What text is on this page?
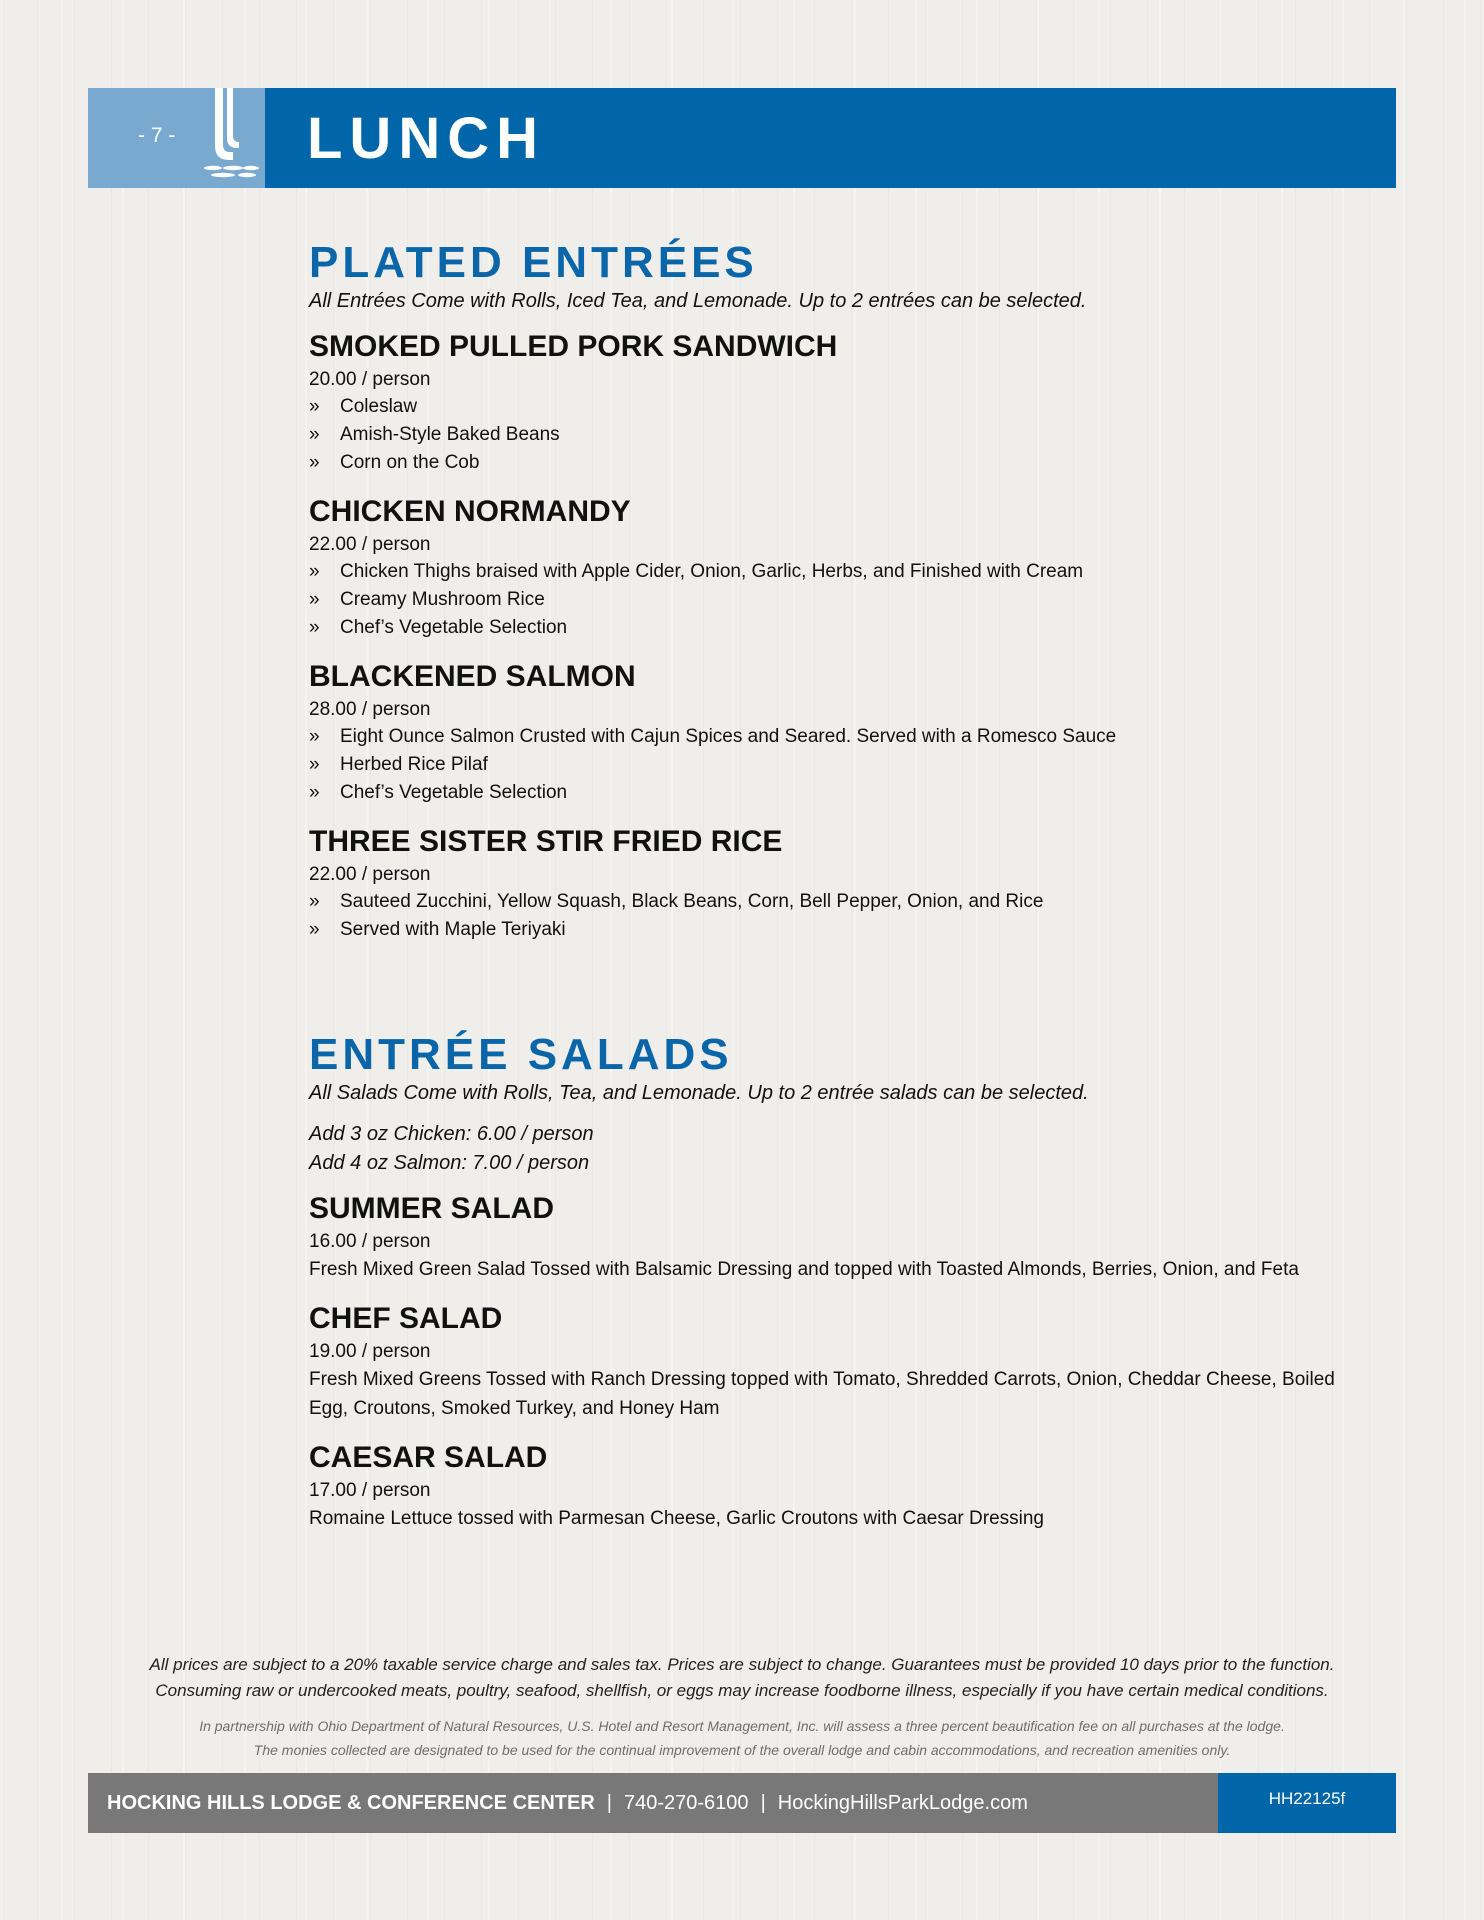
- 7 - LUNCH
PLATED ENTRÉES

All Entrées Come with Rolls, Iced Tea, and Lemonade. Up to 2 entrées can be selected.

SMOKED PULLED PORK SANDWICH
20.00 / person
» Coleslaw
» Amish-Style Baked Beans
» Corn on the Cob
CHICKEN NORMANDY
22.00 / person
» Chicken Thighs braised with Apple Cider, Onion, Garlic, Herbs, and Finished with Cream
» Creamy Mushroom Rice
» Chef’s Vegetable Selection
BLACKENED SALMON
28.00 / person
» Eight Ounce Salmon Crusted with Cajun Spices and Seared. Served with a Romesco Sauce
» Herbed Rice Pilaf
» Chef’s Vegetable Selection
THREE SISTER STIR FRIED RICE
22.00 / person
» Sauteed Zucchini, Yellow Squash, Black Beans, Corn, Bell Pepper, Onion, and Rice
» Served with Maple Teriyaki
ENTRÉE SALADS

All Salads Come with Rolls, Tea, and Lemonade. Up to 2 entrée salads can be selected.

Add 3 oz Chicken: 6.00 / person
Add 4 oz Salmon: 7.00 / person
SUMMER SALAD
16.00 / person
Fresh Mixed Green Salad Tossed with Balsamic Dressing and topped with Toasted Almonds, Berries, Onion, and Feta
CHEF SALAD
19.00 / person
Fresh Mixed Greens Tossed with Ranch Dressing topped with Tomato, Shredded Carrots, Onion, Cheddar Cheese, Boiled Egg, Croutons, Smoked Turkey, and Honey Ham
CAESAR SALAD
17.00 / person
Romaine Lettuce tossed with Parmesan Cheese, Garlic Croutons with Caesar Dressing
All prices are subject to a 20% taxable service charge and sales tax. Prices are subject to change. Guarantees must be provided 10 days prior to the function.
Consuming raw or undercooked meats, poultry, seafood, shellfish, or eggs may increase foodborne illness, especially if you have certain medical conditions.
In partnership with Ohio Department of Natural Resources, U.S. Hotel and Resort Management, Inc. will assess a three percent beautification fee on all purchases at the lodge.
The monies collected are designated to be used for the continual improvement of the overall lodge and cabin accommodations, and recreation amenities only.
HOCKING HILLS LODGE & CONFERENCE CENTER | 740-270-6100 | HockingHillsParkLodge.com	HH22125f
